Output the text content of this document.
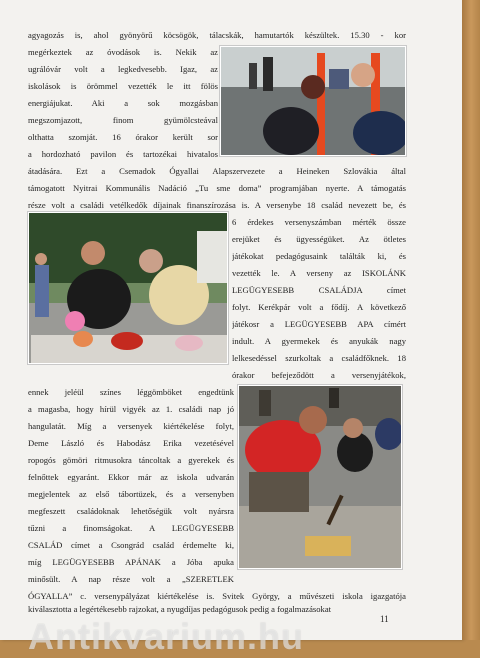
agyagozás is, ahol gyönyörű köcsögök, tálacskák, hamutartók készültek. 15.30 - kor
megérkeztek az óvodások is. Nekik az
ugrálóvár volt a legkedvesebb. Igaz, az
iskolások is örömmel vezették le itt fölös
energiájukat. Aki a sok mozgásban
megszomjazott, finom gyümölcsteával
olthatta szomját. 16 órakor került sor
a hordozható pavilon és tartozékai hivatalos
átadására. Ezt a Csemadok Ógyallai Alapszervezete a Heineken Szlovákia által
támogatott Nyitrai Kommunális Nadáció „Tu sme doma” programjában nyerte. A támogatás
része volt a családi vetélkedők díjainak finanszírozása is. A versenybe 18 család nevezett be, és
6 érdekes versenyszámban mérték össze
erejüket és ügyességüket. Az ötletes
játékokat pedagógusaink találták ki, és
vezették le. A verseny az ISKOLÁNK
LEGÜGYESEBB CSALÁDJA címet
folyt. Kerékpár volt a fődíj. A következő
játékosr a LEGÜGYESEBB APA címért
indult. A gyermekek és anyukák nagy
lelkesedéssel szurkoltak a családfőknek. 18
órakor befejeződött a versenyjátékok,
ennek jeléül színes léggömböket engedtünk
a magasba, hogy hírül vigyék az 1. családi nap jó
hangulatát. Míg a versenyek kiértékelése folyt,
Deme László és Habodász Erika vezetésével
ropogós gömöri ritmusokra táncoltak a gyerekek és
felnőttek egyaránt. Ekkor már az iskola udvarán
megjelentek az első tábortüzek, és a versenyben
megfeszett családoknak lehetőségük volt nyársra
tűzni a finomságokat. A LEGÜGYESEBB
CSALÁD címet a Csongrád család érdemelte ki,
míg LEGÜGYESEBB APÁNAK a Jóba apuka
minősült. A nap része volt a „SZERETLEK
ÓGYALLA” c. versenypályázat kiértékelése is. Svitek György, a művészeti iskola igazgatója
kiválasztotta a legértékesebb rajzokat, a nyugdíjas pedagógusok pedig a fogalmazásokat
11
Antikvarium.hu
